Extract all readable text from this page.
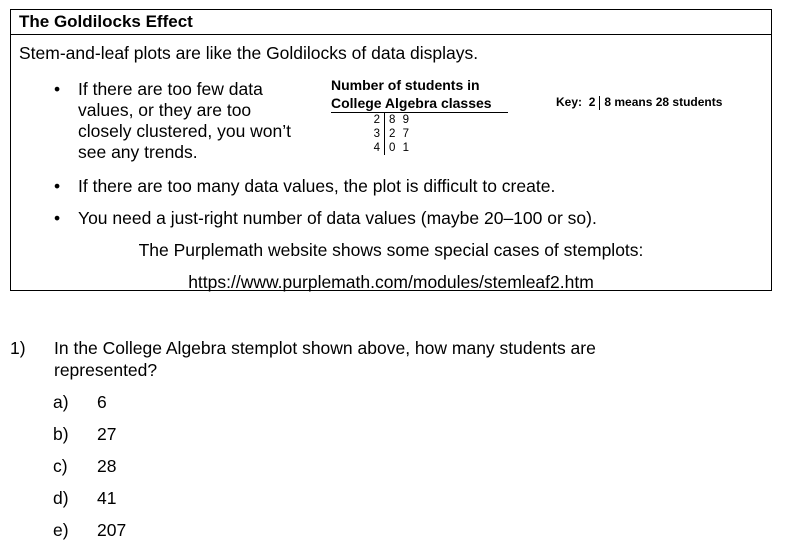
The Goldilocks Effect
Stem-and-leaf plots are like the Goldilocks of data displays.
•	If there are too few data values, or they are too closely clustered, you won’t see any trends.
Number of students in
College Algebra classes	Key: 2 8 means 28 students
2 8 9
3 2 7
4 0 1
•	If there are too many data values, the plot is difficult to create.
•	You need a just-right number of data values (maybe 20–100 or so).
The Purplemath website shows some special cases of stemplots:
https://www.purplemath.com/modules/stemleaf2.htm
1) In the College Algebra stemplot shown above, how many students are represented?
a) 6
b) 27
c) 28
d) 41
e) 207
